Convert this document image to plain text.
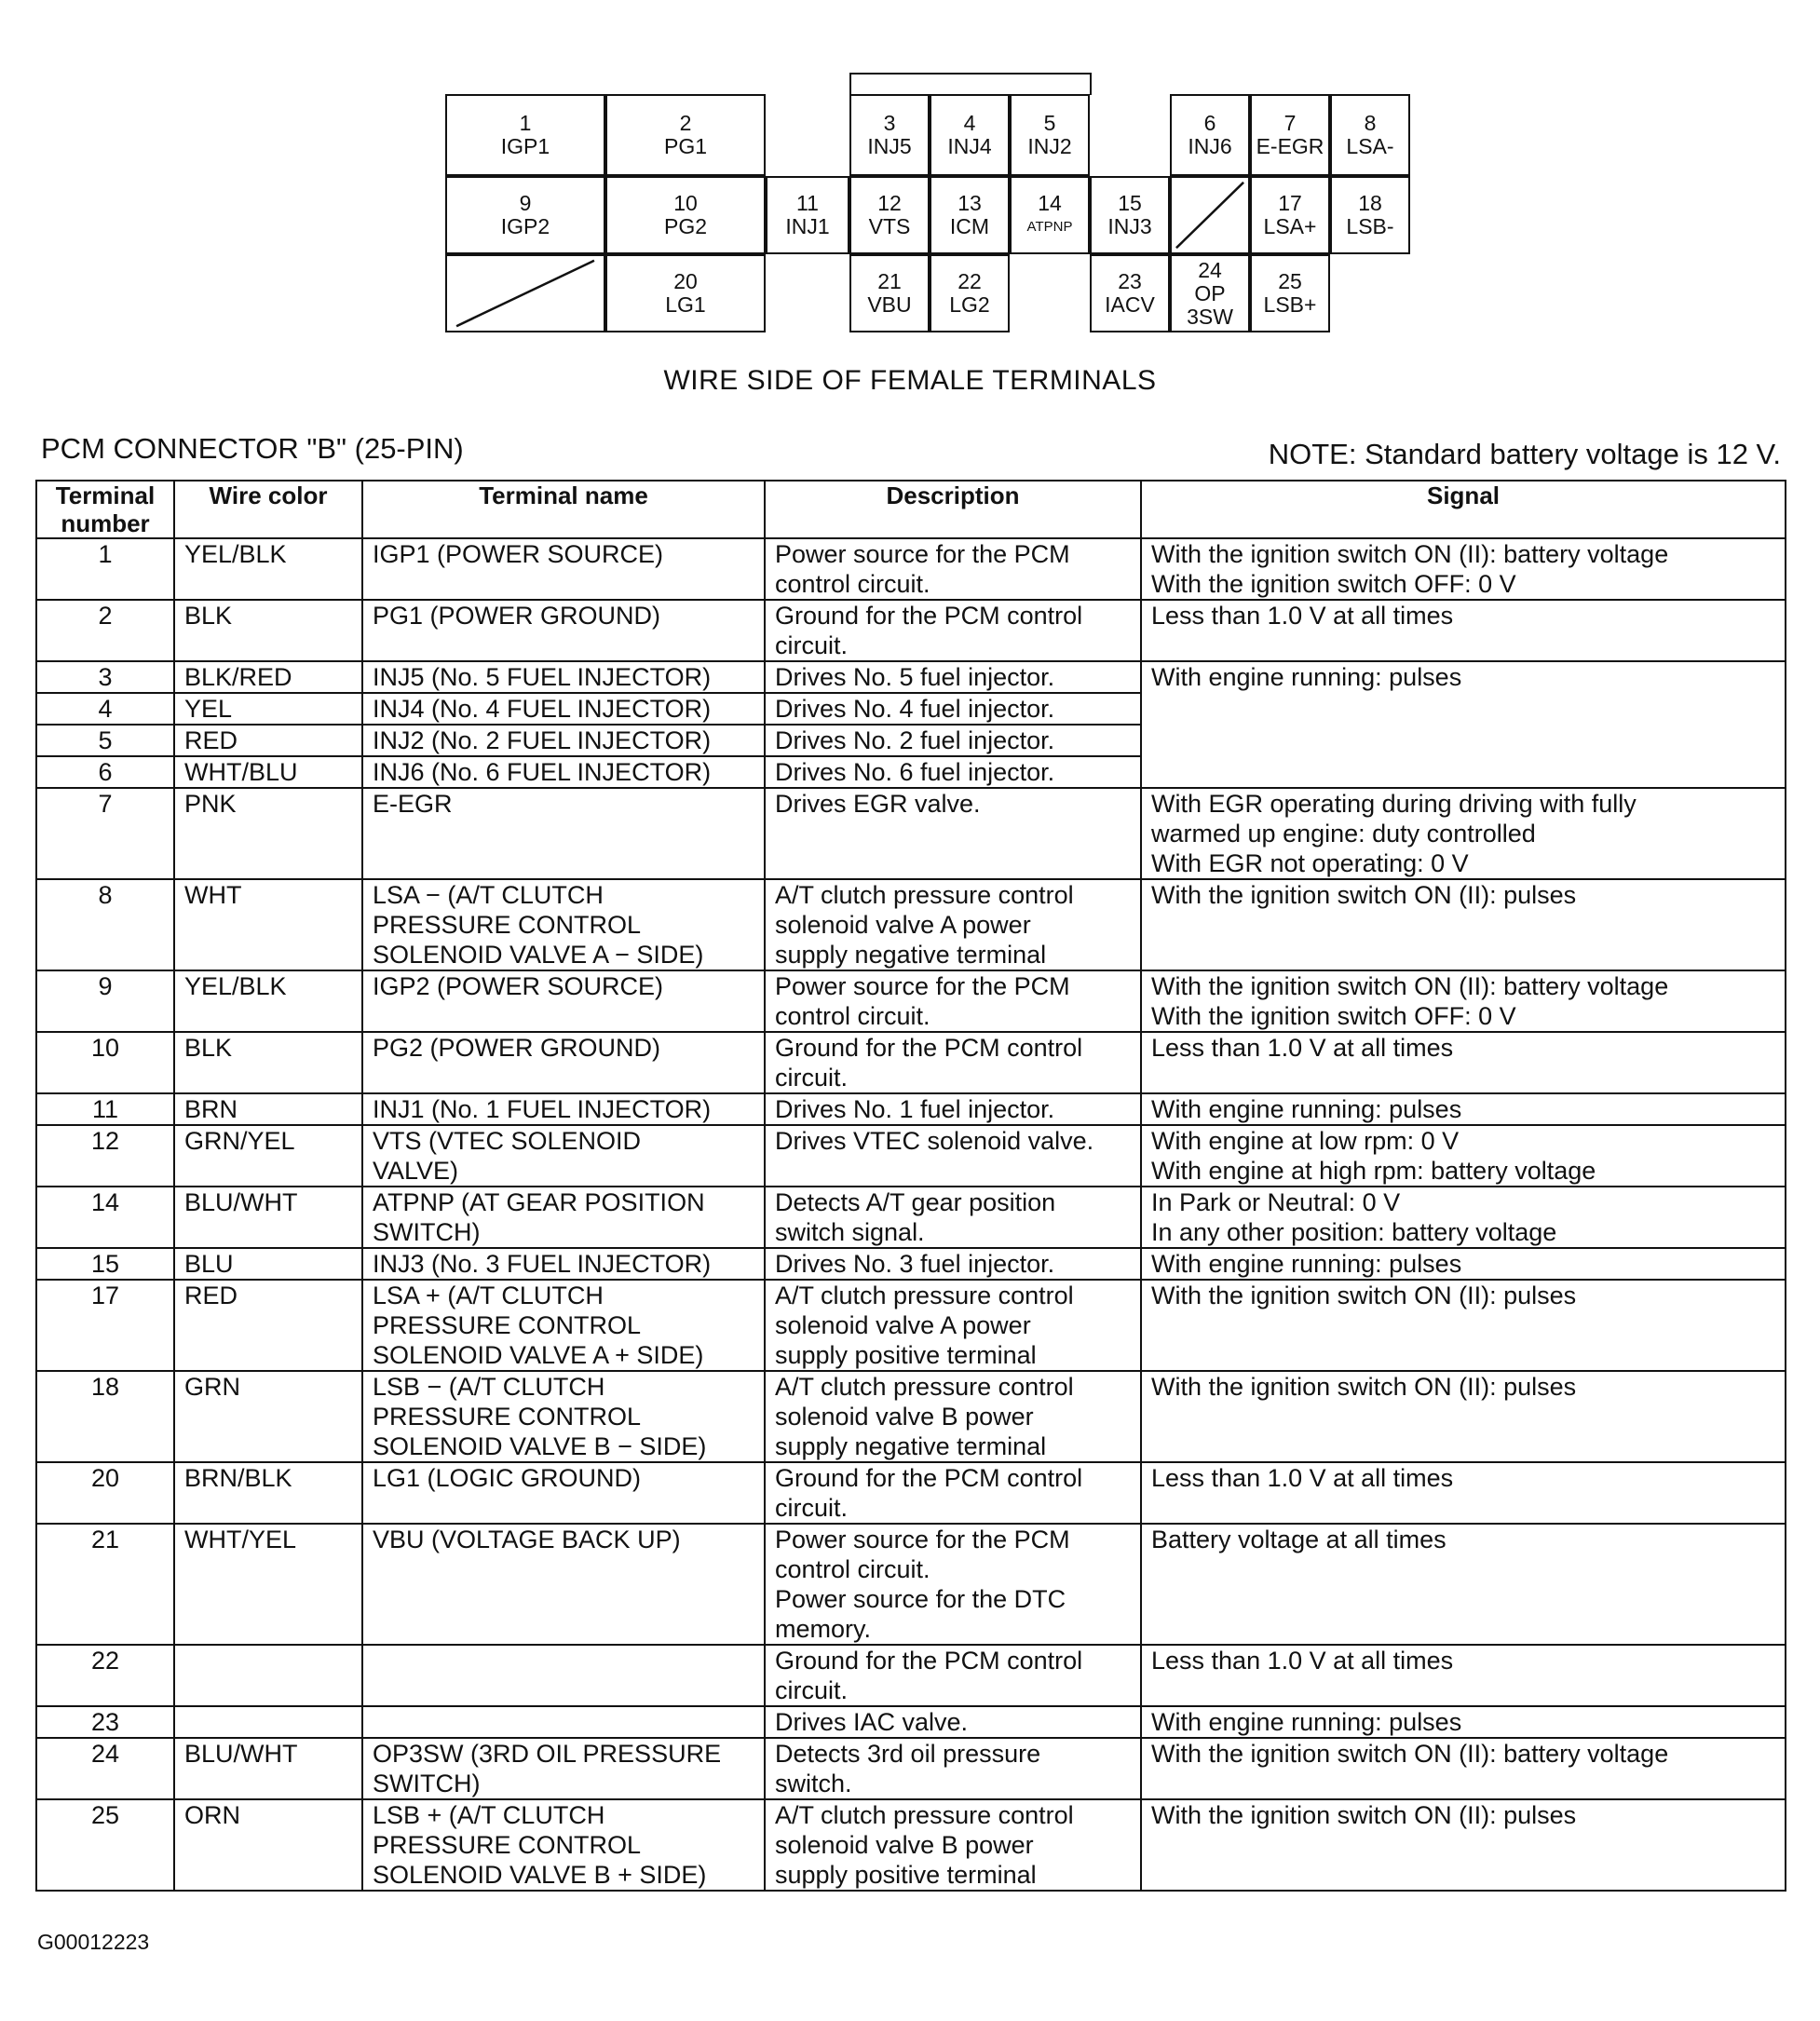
1
IGP1
2
PG1
3
INJ5
4
INJ4
5
INJ2
6
INJ6
7
E-EGR
8
LSA-
9
IGP2
10
PG2
11
INJ1
12
VTS
13
ICM
14
ATPNP
15
INJ3
17
LSA+
18
LSB-
20
LG1
21
VBU
22
LG2
23
IACV
24
OP
3SW
25
LSB+
WIRE SIDE OF FEMALE TERMINALS
PCM CONNECTOR "B" (25-PIN)	NOTE: Standard battery voltage is 12 V.
Terminal
number	Wire color	Terminal name	Description	Signal
1	YEL/BLK	IGP1 (POWER SOURCE)	Power source for the PCM
control circuit.	With the ignition switch ON (II): battery voltage
With the ignition switch OFF: 0 V
2	BLK	PG1 (POWER GROUND)	Ground for the PCM control
circuit.	Less than 1.0 V at all times
3	BLK/RED	INJ5 (No. 5 FUEL INJECTOR)	Drives No. 5 fuel injector.	With engine running: pulses
4	YEL	INJ4 (No. 4 FUEL INJECTOR)	Drives No. 4 fuel injector.	
5	RED	INJ2 (No. 2 FUEL INJECTOR)	Drives No. 2 fuel injector.	
6	WHT/BLU	INJ6 (No. 6 FUEL INJECTOR)	Drives No. 6 fuel injector.	
7	PNK	E-EGR	Drives EGR valve.	With EGR operating during driving with fully
warmed up engine: duty controlled
With EGR not operating: 0 V
8	WHT	LSA − (A/T CLUTCH
PRESSURE CONTROL
SOLENOID VALVE A − SIDE)	A/T clutch pressure control
solenoid valve A power
supply negative terminal	With the ignition switch ON (II): pulses
9	YEL/BLK	IGP2 (POWER SOURCE)	Power source for the PCM
control circuit.	With the ignition switch ON (II): battery voltage
With the ignition switch OFF: 0 V
10	BLK	PG2 (POWER GROUND)	Ground for the PCM control
circuit.	Less than 1.0 V at all times
11	BRN	INJ1 (No. 1 FUEL INJECTOR)	Drives No. 1 fuel injector.	With engine running: pulses
12	GRN/YEL	VTS (VTEC SOLENOID
VALVE)	Drives VTEC solenoid valve.	With engine at low rpm: 0 V
With engine at high rpm: battery voltage
14	BLU/WHT	ATPNP (AT GEAR POSITION
SWITCH)	Detects A/T gear position
switch signal.	In Park or Neutral: 0 V
In any other position: battery voltage
15	BLU	INJ3 (No. 3 FUEL INJECTOR)	Drives No. 3 fuel injector.	With engine running: pulses
17	RED	LSA + (A/T CLUTCH
PRESSURE CONTROL
SOLENOID VALVE A + SIDE)	A/T clutch pressure control
solenoid valve A power
supply positive terminal	With the ignition switch ON (II): pulses
18	GRN	LSB − (A/T CLUTCH
PRESSURE CONTROL
SOLENOID VALVE B − SIDE)	A/T clutch pressure control
solenoid valve B power
supply negative terminal	With the ignition switch ON (II): pulses
20	BRN/BLK	LG1 (LOGIC GROUND)	Ground for the PCM control
circuit.	Less than 1.0 V at all times
21	WHT/YEL	VBU (VOLTAGE BACK UP)	Power source for the PCM
control circuit.
Power source for the DTC
memory.	Battery voltage at all times
22			Ground for the PCM control
circuit.	Less than 1.0 V at all times
23			Drives IAC valve.	With engine running: pulses
24	BLU/WHT	OP3SW (3RD OIL PRESSURE
SWITCH)	Detects 3rd oil pressure
switch.	With the ignition switch ON (II): battery voltage
25	ORN	LSB + (A/T CLUTCH
PRESSURE CONTROL
SOLENOID VALVE B + SIDE)	A/T clutch pressure control
solenoid valve B power
supply positive terminal	With the ignition switch ON (II): pulses
G00012223
